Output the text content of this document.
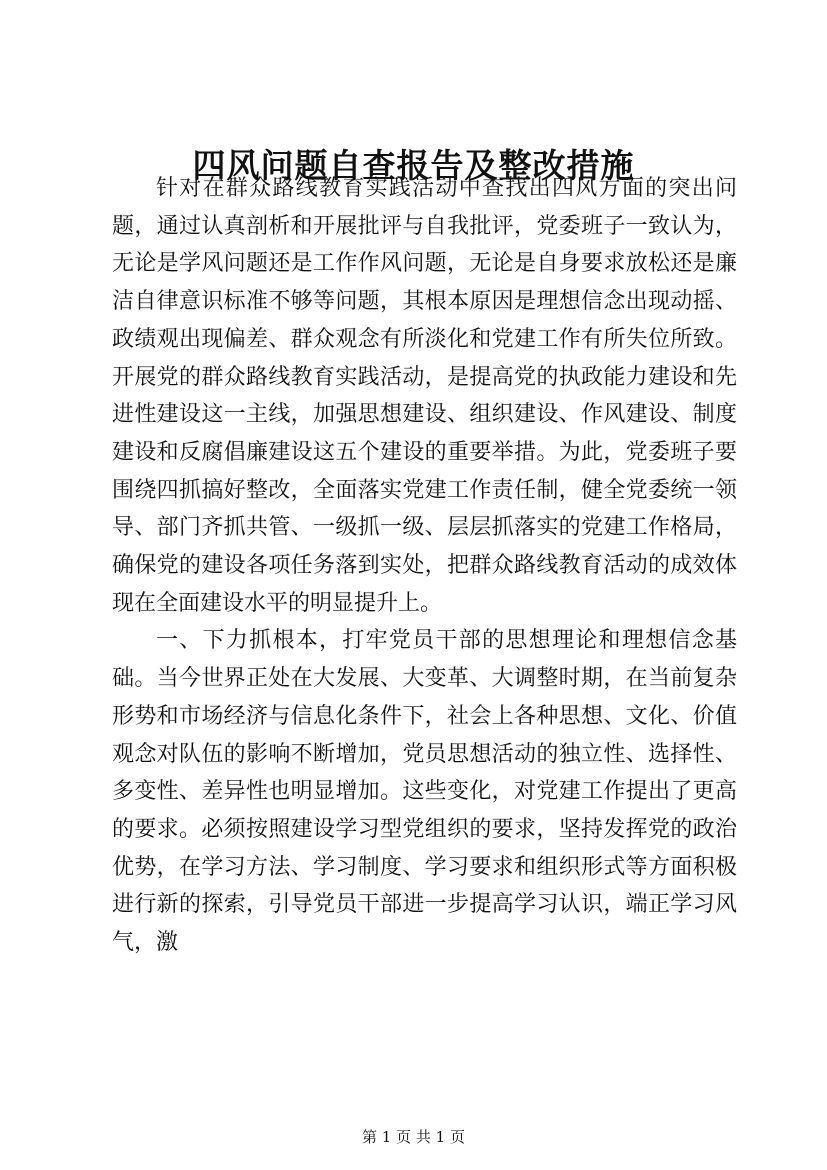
四风问题自查报告及整改措施

针对在群众路线教育实践活动中查找出四风方面的突出问题，通过认真剖析和开展批评与自我批评，党委班子一致认为，无论是学风问题还是工作作风问题，无论是自身要求放松还是廉洁自律意识标准不够等问题，其根本原因是理想信念出现动摇、政绩观出现偏差、群众观念有所淡化和党建工作有所失位所致。开展党的群众路线教育实践活动，是提高党的执政能力建设和先进性建设这一主线，加强思想建设、组织建设、作风建设、制度建设和反腐倡廉建设这五个建设的重要举措。为此，党委班子要围绕四抓搞好整改，全面落实党建工作责任制，健全党委统一领导、部门齐抓共管、一级抓一级、层层抓落实的党建工作格局，确保党的建设各项任务落到实处，把群众路线教育活动的成效体现在全面建设水平的明显提升上。

一、下力抓根本，打牢党员干部的思想理论和理想信念基础。当今世界正处在大发展、大变革、大调整时期，在当前复杂形势和市场经济与信息化条件下，社会上各种思想、文化、价值观念对队伍的影响不断增加，党员思想活动的独立性、选择性、多变性、差异性也明显增加。这些变化，对党建工作提出了更高的要求。必须按照建设学习型党组织的要求，坚持发挥党的政治优势，在学习方法、学习制度、学习要求和组织形式等方面积极进行新的探索，引导党员干部进一步提高学习认识，端正学习风气，激

第 1 页 共 1 页
